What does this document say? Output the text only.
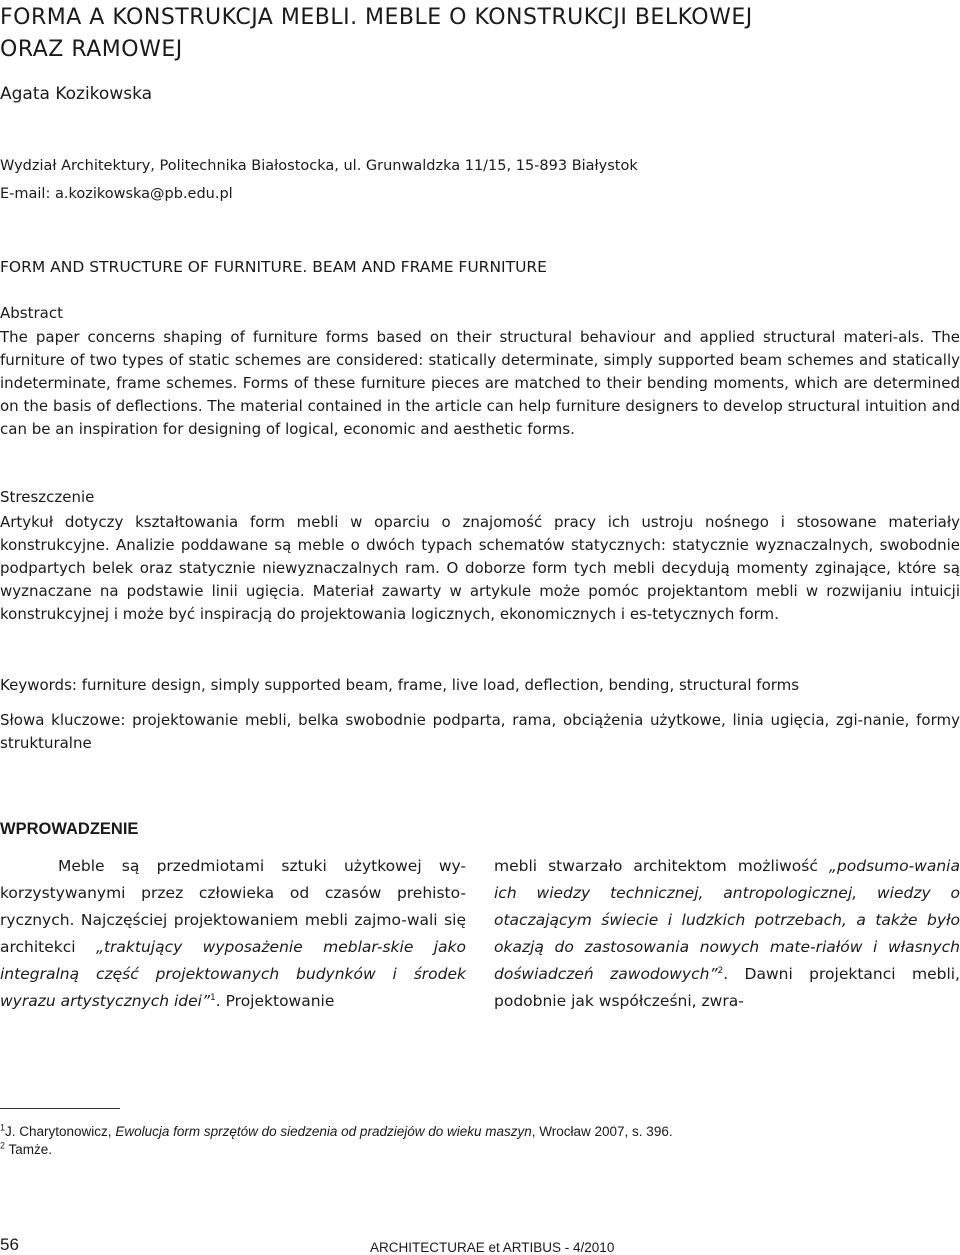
FORMA A KONSTRUKCJA MEBLI. MEBLE O KONSTRUKCJI BELKOWEJ
ORAZ RAMOWEJ
Agata Kozikowska
Wydział Architektury, Politechnika Białostocka, ul. Grunwaldzka 11/15, 15-893 Białystok
E-mail: a.kozikowska@pb.edu.pl
FORM AND STRUCTURE OF FURNITURE. BEAM AND FRAME FURNITURE
Abstract
The paper concerns shaping of furniture forms based on their structural behaviour and applied structural materi-als. The furniture of two types of static schemes are considered: statically determinate, simply supported beam schemes and statically indeterminate, frame schemes. Forms of these furniture pieces are matched to their bending moments, which are determined on the basis of deflections. The material contained in the article can help furniture designers to develop structural intuition and can be an inspiration for designing of logical, economic and aesthetic forms.
Streszczenie
Artykuł dotyczy kształtowania form mebli w oparciu o znajomość pracy ich ustroju nośnego i stosowane materiały konstrukcyjne. Analizie poddawane są meble o dwóch typach schematów statycznych: statycznie wyznaczalnych, swobodnie podpartych belek oraz statycznie niewyznaczalnych ram. O doborze form tych mebli decydują momenty zginające, które są wyznaczane na podstawie linii ugięcia. Materiał zawarty w artykule może pomóc projektantom mebli w rozwijaniu intuicji konstrukcyjnej i może być inspiracją do projektowania logicznych, ekonomicznych i es-tetycznych form.
Keywords: furniture design, simply supported beam, frame, live load, deflection, bending, structural forms
Słowa kluczowe: projektowanie mebli, belka swobodnie podparta, rama, obciążenia użytkowe, linia ugięcia, zgi-nanie, formy strukturalne
WPROWADZENIE

Meble są przedmiotami sztuki użytkowej wy-korzystywanymi przez człowieka od czasów prehisto-rycznych. Najczęściej projektowaniem mebli zajmo-wali się architekci „traktujący wyposażenie meblar-skie jako integralną część projektowanych budynków i środek wyrazu artystycznych idei”$^1$. Projektowanie

mebli stwarzało architektom możliwość „podsumo-wania ich wiedzy technicznej, antropologicznej, wiedzy o otaczającym świecie i ludzkich potrzebach, a także było okazją do zastosowania nowych mate-riałów i własnych doświadczeń zawodowych”$^2$. Dawni projektanci mebli, podobnie jak współcześni, zwra-

$^1$J. Charytonowicz, Ewolucja form sprzętów do siedzenia od pradziejów do wieku maszyn, Wrocław 2007, s. 396.
$^2$ Tamże.
56	ARCHITECTURAE et ARTIBUS - 4/2010
